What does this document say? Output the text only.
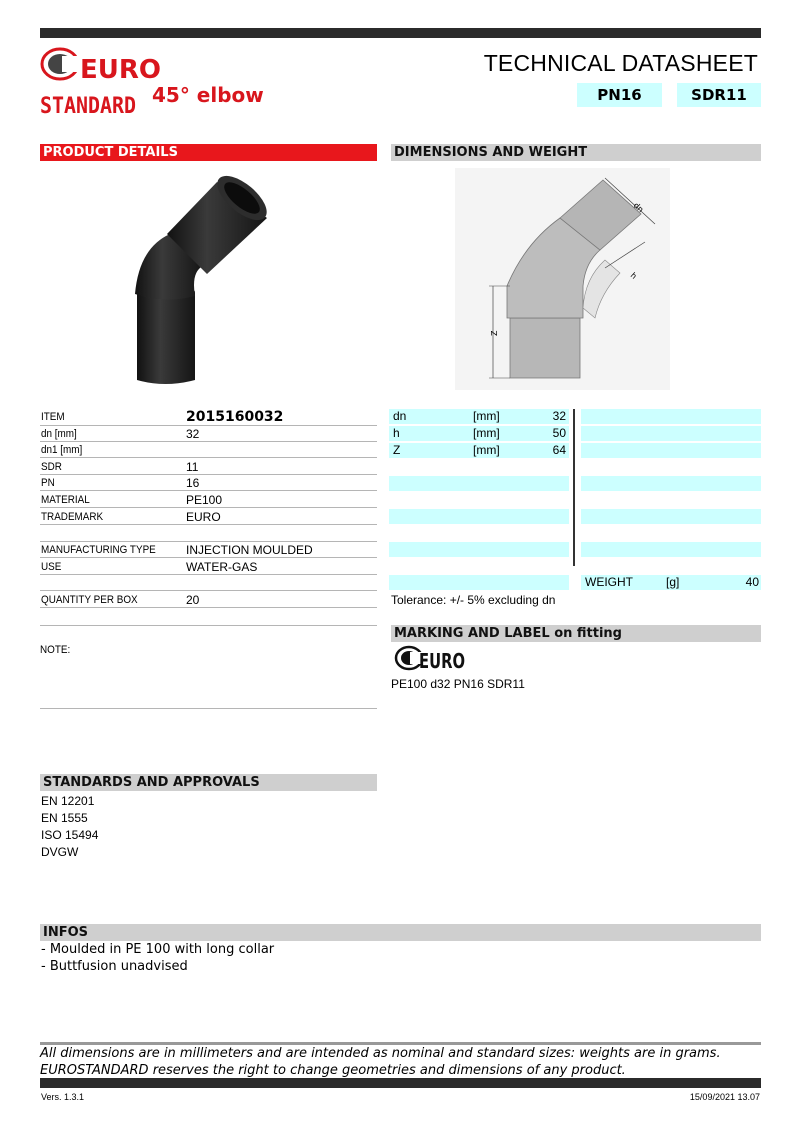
EURO
STANDARD
TECHNICAL DATASHEET
45° elbow	PN16	SDR11
PRODUCT DETAILS	DIMENSIONS AND WEIGHT
Z
dn
h
ITEM	2015160032
dn [mm]	32
dn1 [mm]
SDR	11
PN	16
MATERIAL	PE100
TRADEMARK	EURO
MANUFACTURING TYPE	INJECTION MOULDED
USE	WATER-GAS
QUANTITY PER BOX	20
NOTE:
dn	[mm]	32
h	[mm]	50
Z	[mm]	64
WEIGHT	[g]	40
Tolerance: +/- 5% excluding dn
MARKING AND LABEL on fitting
EURO
PE100 d32 PN16 SDR11
STANDARDS AND APPROVALS
EN 12201
EN 1555
ISO 15494
DVGW
INFOS
- Moulded in PE 100 with long collar
- Buttfusion unadvised
All dimensions are in millimeters and are intended as nominal and standard sizes: weights are in grams.
EUROSTANDARD reserves the right to change geometries and dimensions of any product.
Vers. 1.3.1	15/09/2021 13.07
